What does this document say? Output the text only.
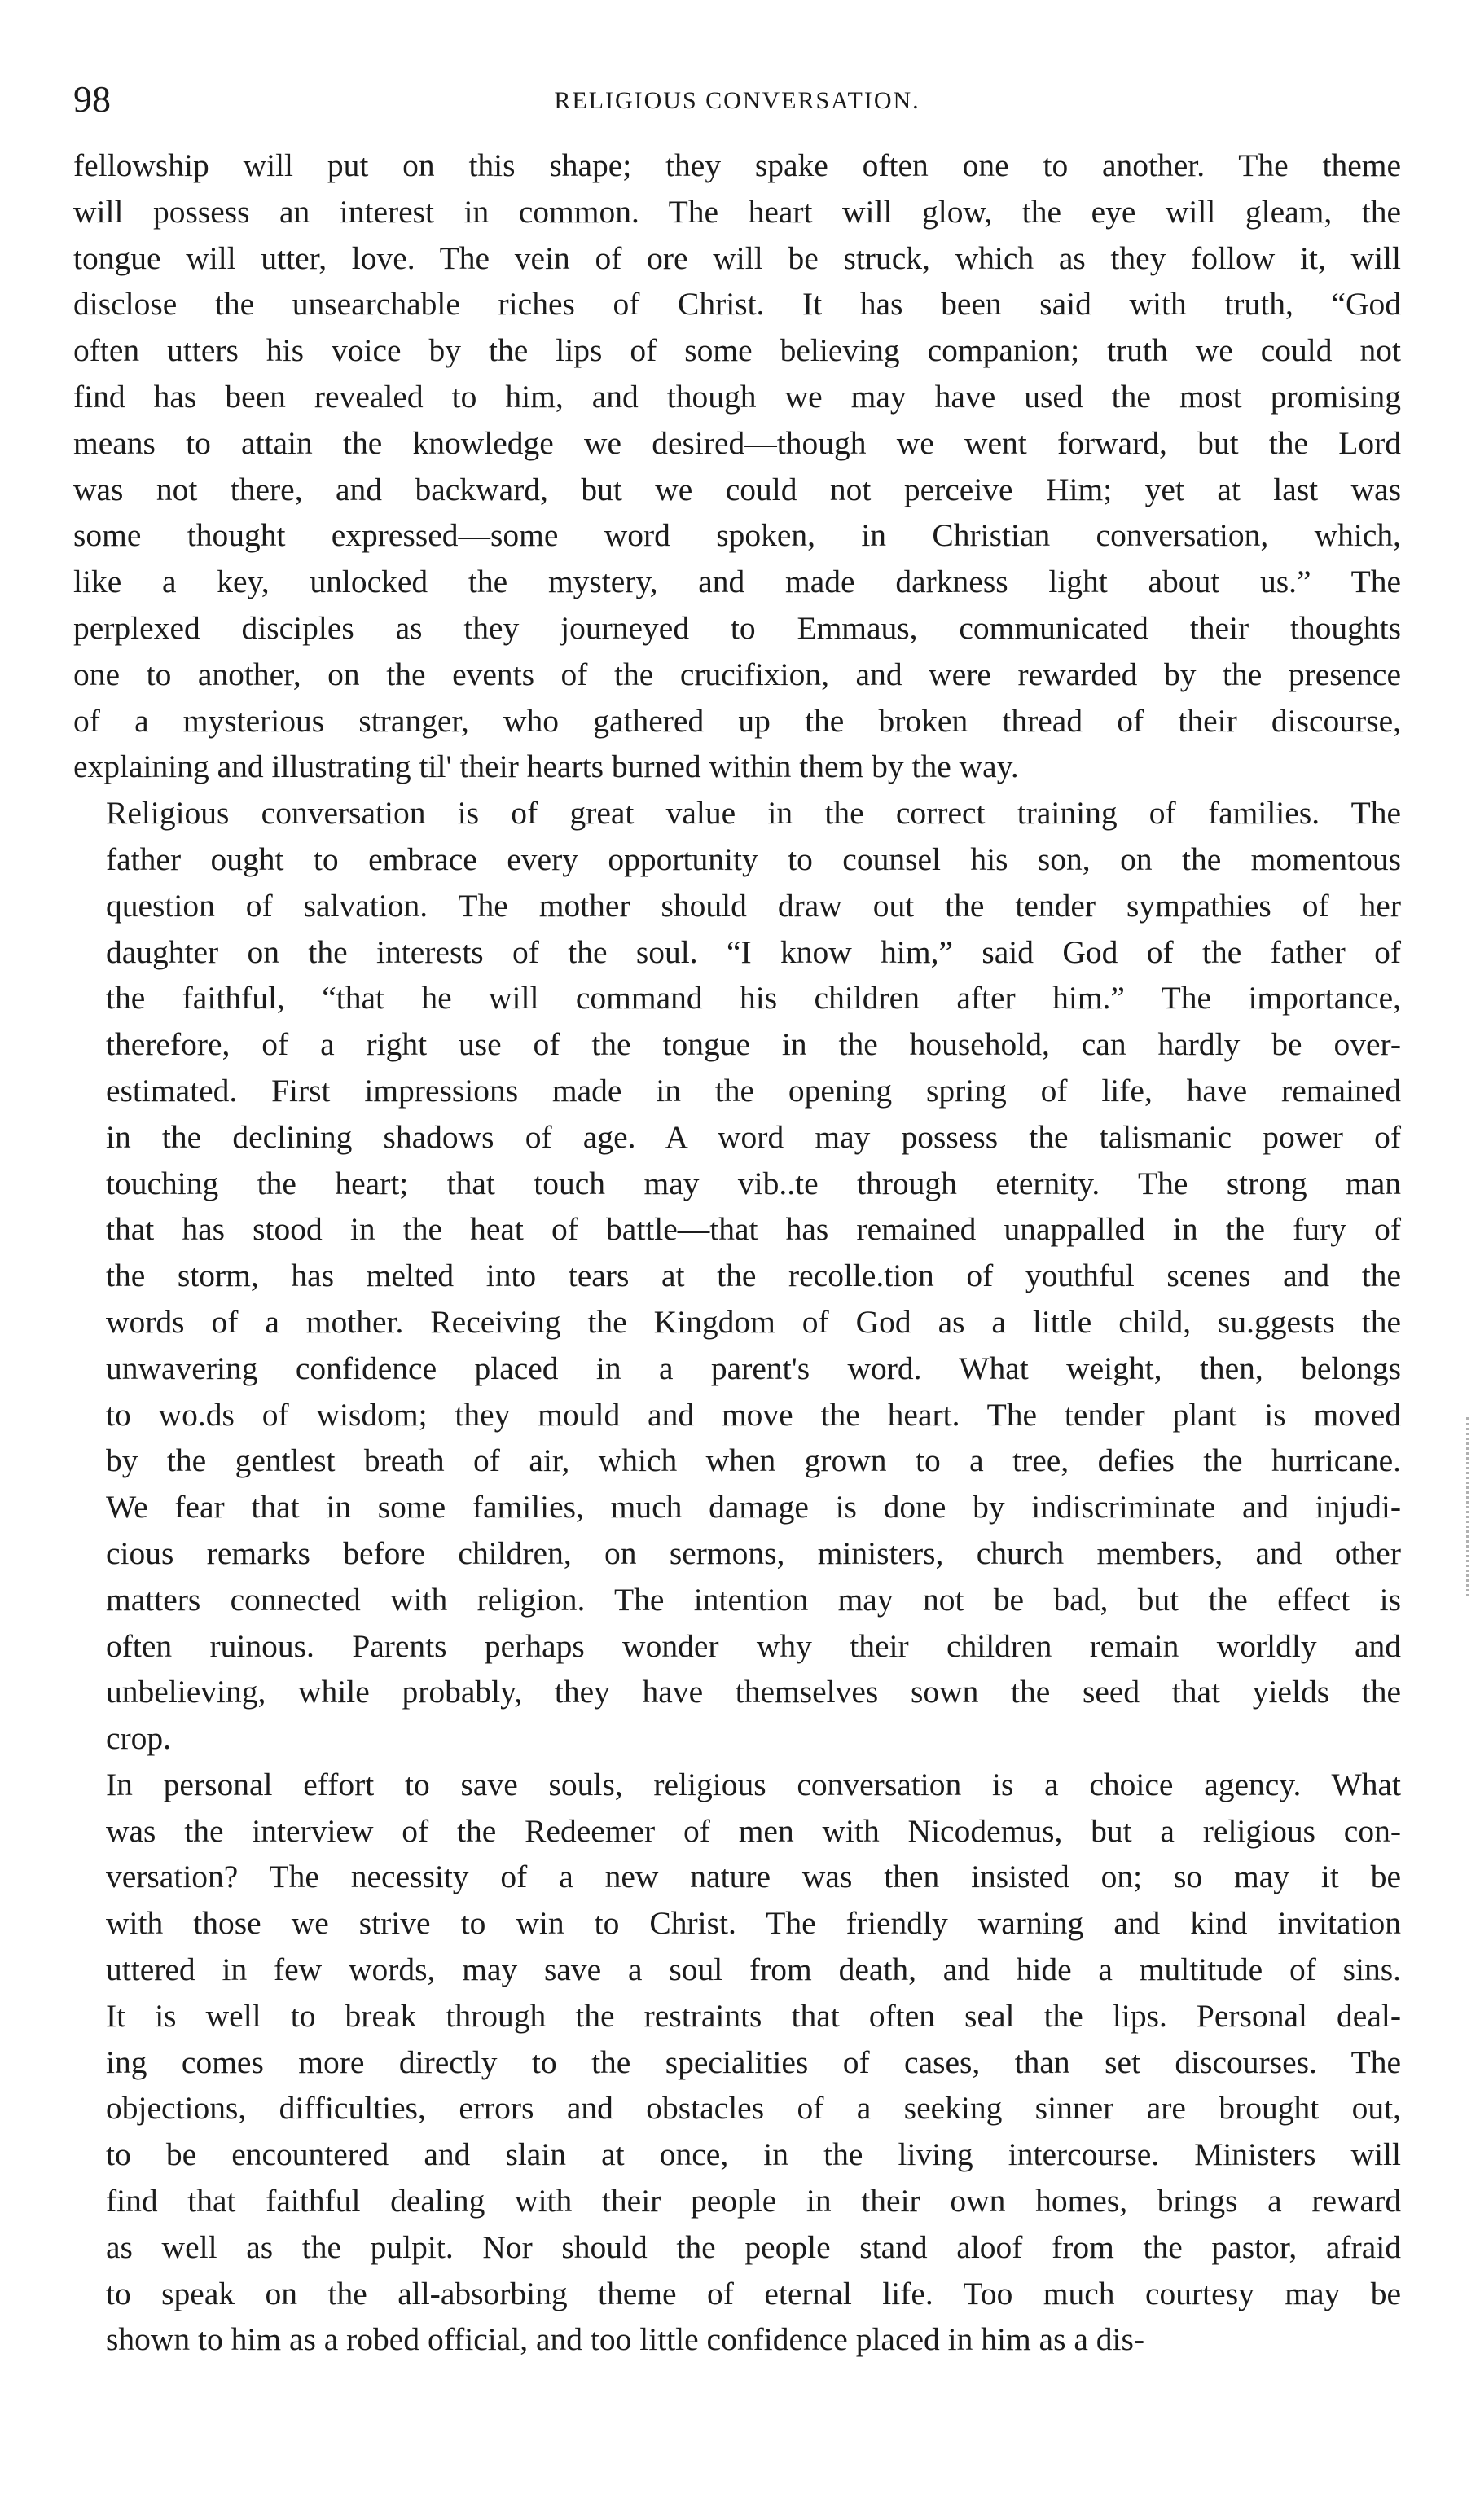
98	RELIGIOUS CONVERSATION.
fellowship will put on this shape; they spake often one to another. The theme
will possess an interest in common. The heart will glow, the eye will gleam, the
tongue will utter, love. The vein of ore will be struck, which as they follow it, will
disclose the unsearchable riches of Christ. It has been said with truth, “God
often utters his voice by the lips of some believing companion; truth we could not
find has been revealed to him, and though we may have used the most promising
means to attain the knowledge we desired—though we went forward, but the Lord
was not there, and backward, but we could not perceive Him; yet at last was
some thought expressed—some word spoken, in Christian conversation, which,
like a key, unlocked the mystery, and made darkness light about us.” The
perplexed disciples as they journeyed to Emmaus, communicated their thoughts
one to another, on the events of the crucifixion, and were rewarded by the presence
of a mysterious stranger, who gathered up the broken thread of their discourse,
explaining and illustrating til' their hearts burned within them by the way.
Religious conversation is of great value in the correct training of families. The
father ought to embrace every opportunity to counsel his son, on the momentous
question of salvation. The mother should draw out the tender sympathies of her
daughter on the interests of the soul. “I know him,” said God of the father of
the faithful, “that he will command his children after him.” The importance,
therefore, of a right use of the tongue in the household, can hardly be over-
estimated. First impressions made in the opening spring of life, have remained
in the declining shadows of age. A word may possess the talismanic power of
touching the heart; that touch may vib..te through eternity. The strong man
that has stood in the heat of battle—that has remained unappalled in the fury of
the storm, has melted into tears at the recolle.tion of youthful scenes and the
words of a mother. Receiving the Kingdom of God as a little child, su.ggests the
unwavering confidence placed in a parent's word. What weight, then, belongs
to wo.ds of wisdom; they mould and move the heart. The tender plant is moved
by the gentlest breath of air, which when grown to a tree, defies the hurricane.
We fear that in some families, much damage is done by indiscriminate and injudi-
cious remarks before children, on sermons, ministers, church members, and other
matters connected with religion. The intention may not be bad, but the effect is
often ruinous. Parents perhaps wonder why their children remain worldly and
unbelieving, while probably, they have themselves sown the seed that yields the
crop.
In personal effort to save souls, religious conversation is a choice agency. What
was the interview of the Redeemer of men with Nicodemus, but a religious con-
versation? The necessity of a new nature was then insisted on; so may it be
with those we strive to win to Christ. The friendly warning and kind invitation
uttered in few words, may save a soul from death, and hide a multitude of sins.
It is well to break through the restraints that often seal the lips. Personal deal-
ing comes more directly to the specialities of cases, than set discourses. The
objections, difficulties, errors and obstacles of a seeking sinner are brought out,
to be encountered and slain at once, in the living intercourse. Ministers will
find that faithful dealing with their people in their own homes, brings a reward
as well as the pulpit. Nor should the people stand aloof from the pastor, afraid
to speak on the all-absorbing theme of eternal life. Too much courtesy may be
shown to him as a robed official, and too little confidence placed in him as a dis-
